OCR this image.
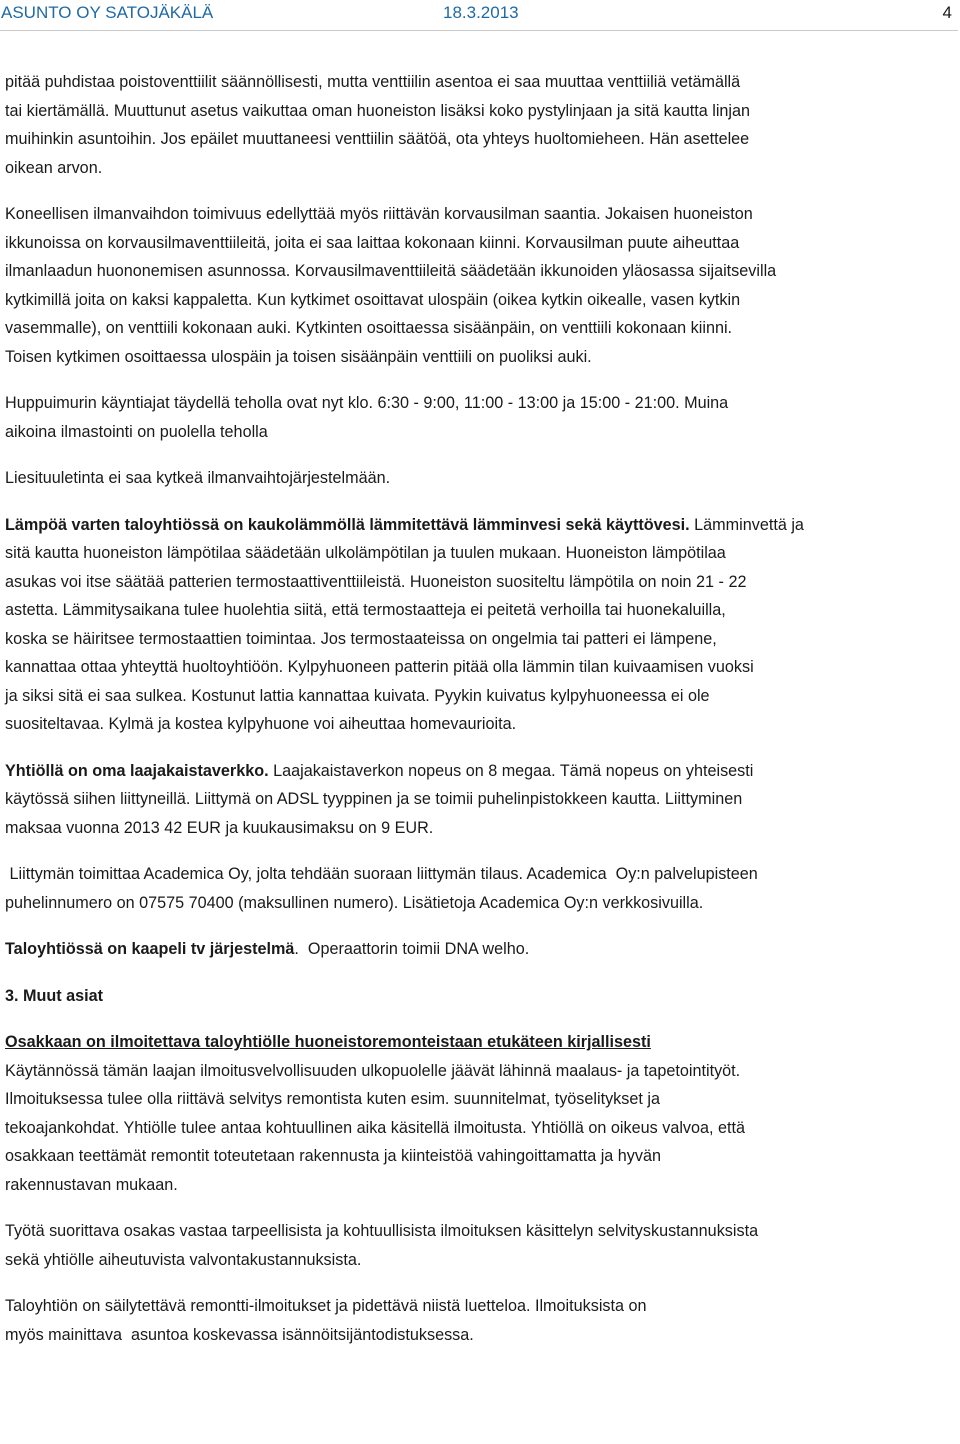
ASUNTO OY SATOJÄKÄLÄ	18.3.2013	4

pitää puhdistaa poistoventtiilit säännöllisesti, mutta venttiilin asentoa ei saa muuttaa venttiiliä vetämällä

tai kiertämällä. Muuttunut asetus vaikuttaa oman huoneiston lisäksi koko pystylinjaan ja sitä kautta linjan

muihinkin asuntoihin. Jos epäilet muuttaneesi venttiilin säätöä, ota yhteys huoltomieheen. Hän asettelee

oikean arvon.

Koneellisen ilmanvaihdon toimivuus edellyttää myös riittävän korvausilman saantia. Jokaisen huoneiston

ikkunoissa on korvausilmaventtiileitä, joita ei saa laittaa kokonaan kiinni. Korvausilman puute aiheuttaa

ilmanlaadun huononemisen asunnossa. Korvausilmaventtiileitä säädetään ikkunoiden yläosassa sijaitsevilla

kytkimillä joita on kaksi kappaletta. Kun kytkimet osoittavat ulospäin (oikea kytkin oikealle, vasen kytkin

vasemmalle), on venttiili kokonaan auki. Kytkinten osoittaessa sisäänpäin, on venttiili kokonaan kiinni.

Toisen kytkimen osoittaessa ulospäin ja toisen sisäänpäin venttiili on puoliksi auki.

Huppuimurin käyntiajat täydellä teholla ovat nyt klo. 6:30 - 9:00, 11:00 - 13:00 ja 15:00 - 21:00. Muina

aikoina ilmastointi on puolella teholla

Liesituuletinta ei saa kytkeä ilmanvaihtojärjestelmään.

Lämpöä varten taloyhtiössä on kaukolämmöllä lämmitettävä lämminvesi sekä käyttövesi. Lämminvettä ja

sitä kautta huoneiston lämpötilaa säädetään ulkolämpötilan ja tuulen mukaan. Huoneiston lämpötilaa

asukas voi itse säätää patterien termostaattiventtiileistä. Huoneiston suositeltu lämpötila on noin 21 - 22

astetta. Lämmitysaikana tulee huolehtia siitä, että termostaatteja ei peitetä verhoilla tai huonekaluilla,

koska se häiritsee termostaattien toimintaa. Jos termostaateissa on ongelmia tai patteri ei lämpene,

kannattaa ottaa yhteyttä huoltoyhtiöön. Kylpyhuoneen patterin pitää olla lämmin tilan kuivaamisen vuoksi

ja siksi sitä ei saa sulkea. Kostunut lattia kannattaa kuivata. Pyykin kuivatus kylpyhuoneessa ei ole

suositeltavaa. Kylmä ja kostea kylpyhuone voi aiheuttaa homevaurioita.

Yhtiöllä on oma laajakaistaverkko. Laajakaistaverkon nopeus on 8 megaa. Tämä nopeus on yhteisesti

käytössä siihen liittyneillä. Liittymä on ADSL tyyppinen ja se toimii puhelinpistokkeen kautta. Liittyminen

maksaa vuonna 2013 42 EUR ja kuukausimaksu on 9 EUR.

Liittymän toimittaa Academica Oy, jolta tehdään suoraan liittymän tilaus. Academica  Oy:n palvelupisteen

puhelinnumero on 07575 70400 (maksullinen numero). Lisätietoja Academica Oy:n verkkosivuilla.

Taloyhtiössä on kaapeli tv järjestelmä.  Operaattorin toimii DNA welho.

3. Muut asiat

Osakkaan on ilmoitettava taloyhtiölle huoneistoremonteistaan etukäteen kirjallisesti

Käytännössä tämän laajan ilmoitusvelvollisuuden ulkopuolelle jäävät lähinnä maalaus- ja tapetointityöt.

Ilmoituksessa tulee olla riittävä selvitys remontista kuten esim. suunnitelmat, työselitykset ja

tekoajankohdat. Yhtiölle tulee antaa kohtuullinen aika käsitellä ilmoitusta. Yhtiöllä on oikeus valvoa, että

osakkaan teettämät remontit toteutetaan rakennusta ja kiinteistöä vahingoittamatta ja hyvän

rakennustavan mukaan.

Työtä suorittava osakas vastaa tarpeellisista ja kohtuullisista ilmoituksen käsittelyn selvityskustannuksista

sekä yhtiölle aiheutuvista valvontakustannuksista.

Taloyhtiön on säilytettävä remontti-ilmoitukset ja pidettävä niistä luetteloa. Ilmoituksista on

myös mainittava  asuntoa koskevassa isännöitsijäntodistuksessa.
